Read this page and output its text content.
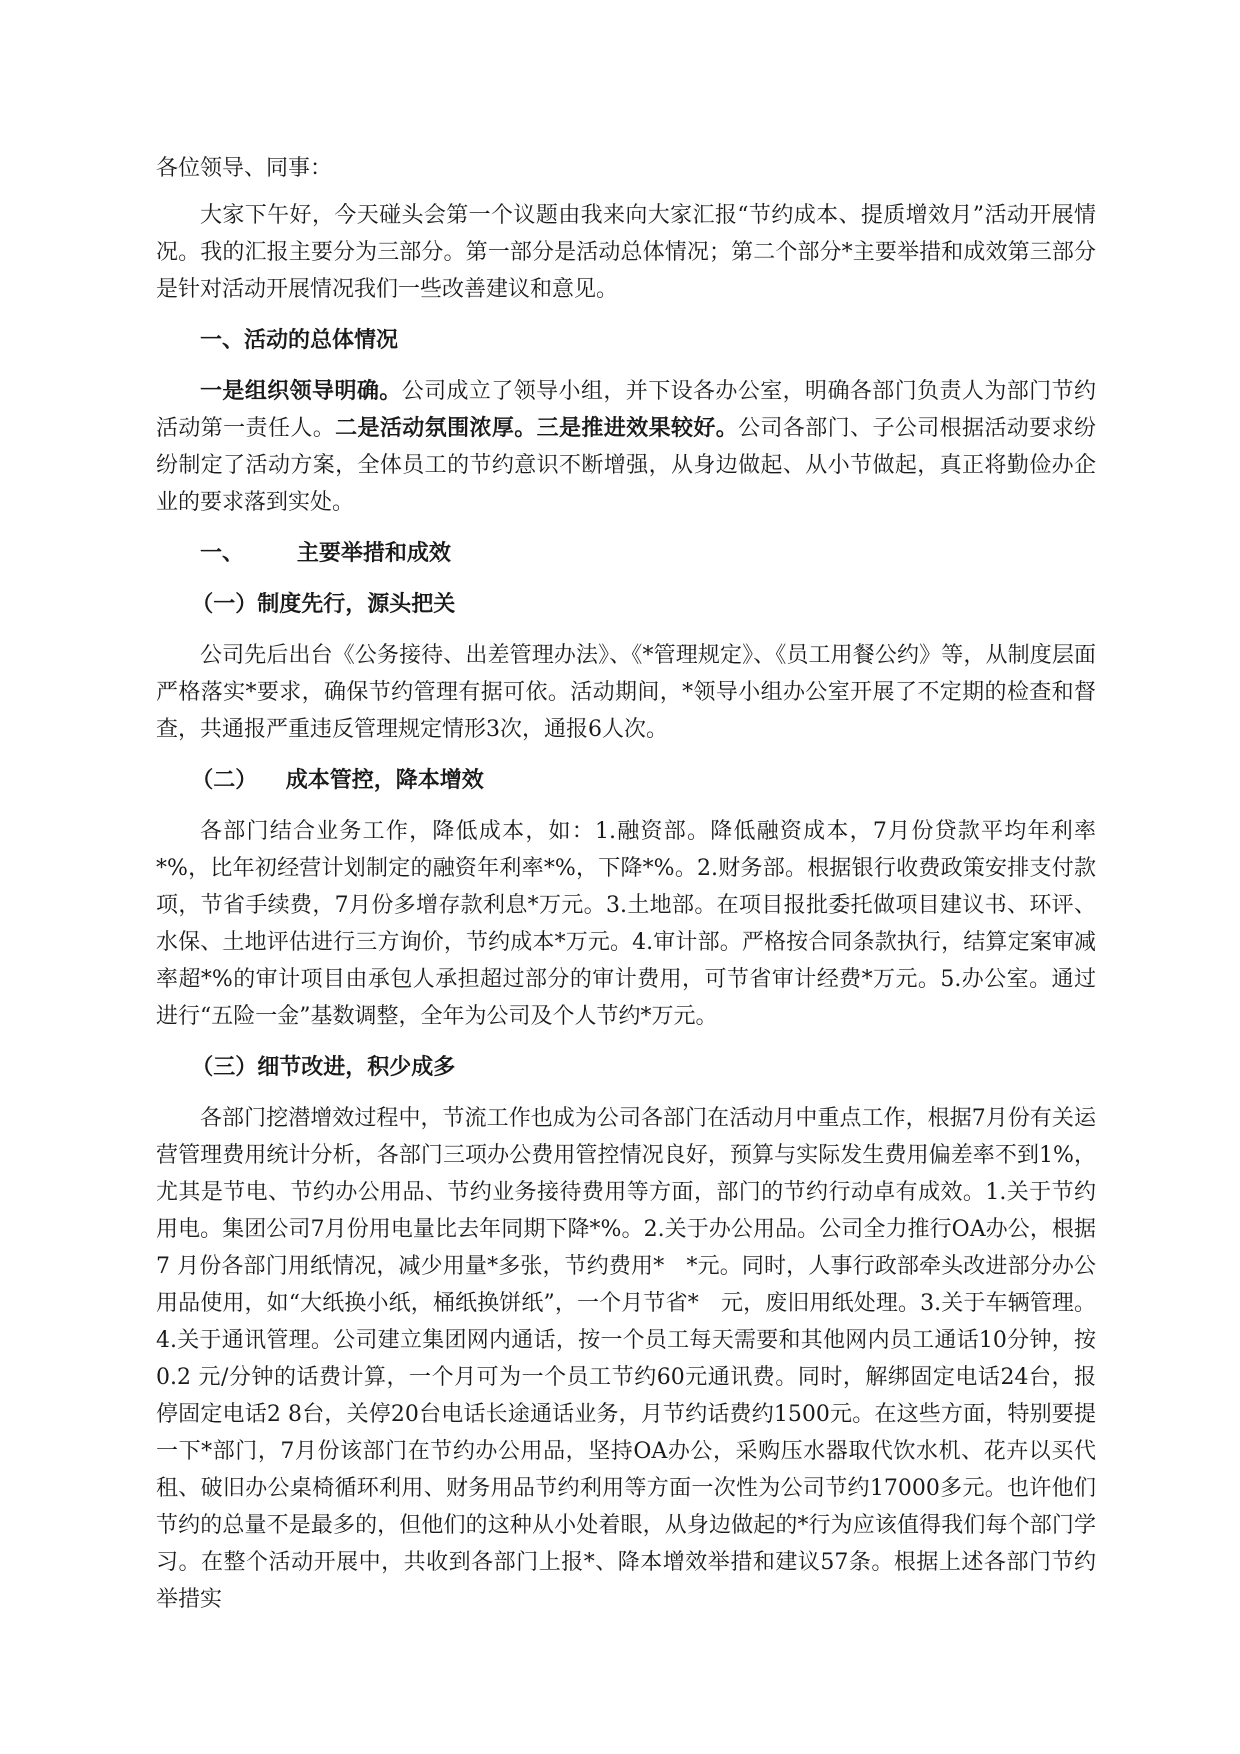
各位领导、同事：

大家下午好，今天碰头会第一个议题由我来向大家汇报“节约成本、提质增效月”活动开展情况。我的汇报主要分为三部分。第一部分是活动总体情况；第二个部分*主要举措和成效第三部分是针对活动开展情况我们一些改善建议和意见。

一、活动的总体情况

一是组织领导明确。公司成立了领导小组，并下设各办公室，明确各部门负责人为部门节约活动第一责任人。二是活动氛围浓厚。三是推进效果较好。公司各部门、子公司根据活动要求纷纷制定了活动方案，全体员工的节约意识不断增强，从身边做起、从小节做起，真正将勤俭办企业的要求落到实处。

一、 主要举措和成效

（一）制度先行，源头把关

公司先后出台《公务接待、出差管理办法》、《*管理规定》、《员工用餐公约》等，从制度层面严格落实*要求，确保节约管理有据可依。活动期间，*领导小组办公室开展了不定期的检查和督查，共通报严重违反管理规定情形3次，通报6人次。

（二） 成本管控，降本增效

各部门结合业务工作，降低成本，如：1.融资部。降低融资成本，7月份贷款平均年利率*%，比年初经营计划制定的融资年利率*%，下降*%。2.财务部。根据银行收费政策安排支付款项，节省手续费，7月份多增存款利息*万元。3.土地部。在项目报批委托做项目建议书、环评、水保、土地评估进行三方询价，节约成本*万元。4.审计部。严格按合同条款执行，结算定案审减率超*%的审计项目由承包人承担超过部分的审计费用，可节省审计经费*万元。5.办公室。通过进行“五险一金”基数调整，全年为公司及个人节约*万元。

（三）细节改进，积少成多

各部门挖潜增效过程中，节流工作也成为公司各部门在活动月中重点工作，根据7月份有关运营管理费用统计分析，各部门三项办公费用管控情况良好，预算与实际发生费用偏差率不到1%，尤其是节电、节约办公用品、节约业务接待费用等方面，部门的节约行动卓有成效。1.关于节约用电。集团公司7月份用电量比去年同期下降*%。2.关于办公用品。公司全力推行OA办公，根据7 月份各部门用纸情况，减少用量*多张，节约费用*　*元。同时，人事行政部牵头改进部分办公用品使用，如“大纸换小纸，桶纸换饼纸”，一个月节省*　元，废旧用纸处理。3.关于车辆管理。4.关于通讯管理。公司建立集团网内通话，按一个员工每天需要和其他网内员工通话10分钟，按0.2 元/分钟的话费计算，一个月可为一个员工节约60元通讯费。同时，解绑固定电话24台，报停固定电话2 8台，关停20台电话长途通话业务，月节约话费约1500元。在这些方面，特别要提一下*部门，7月份该部门在节约办公用品，坚持OA办公，采购压水器取代饮水机、花卉以买代租、破旧办公桌椅循环利用、财务用品节约利用等方面一次性为公司节约17000多元。也许他们节约的总量不是最多的，但他们的这种从小处着眼，从身边做起的*行为应该值得我们每个部门学习。在整个活动开展中，共收到各部门上报*、降本增效举措和建议57条。根据上述各部门节约举措实
